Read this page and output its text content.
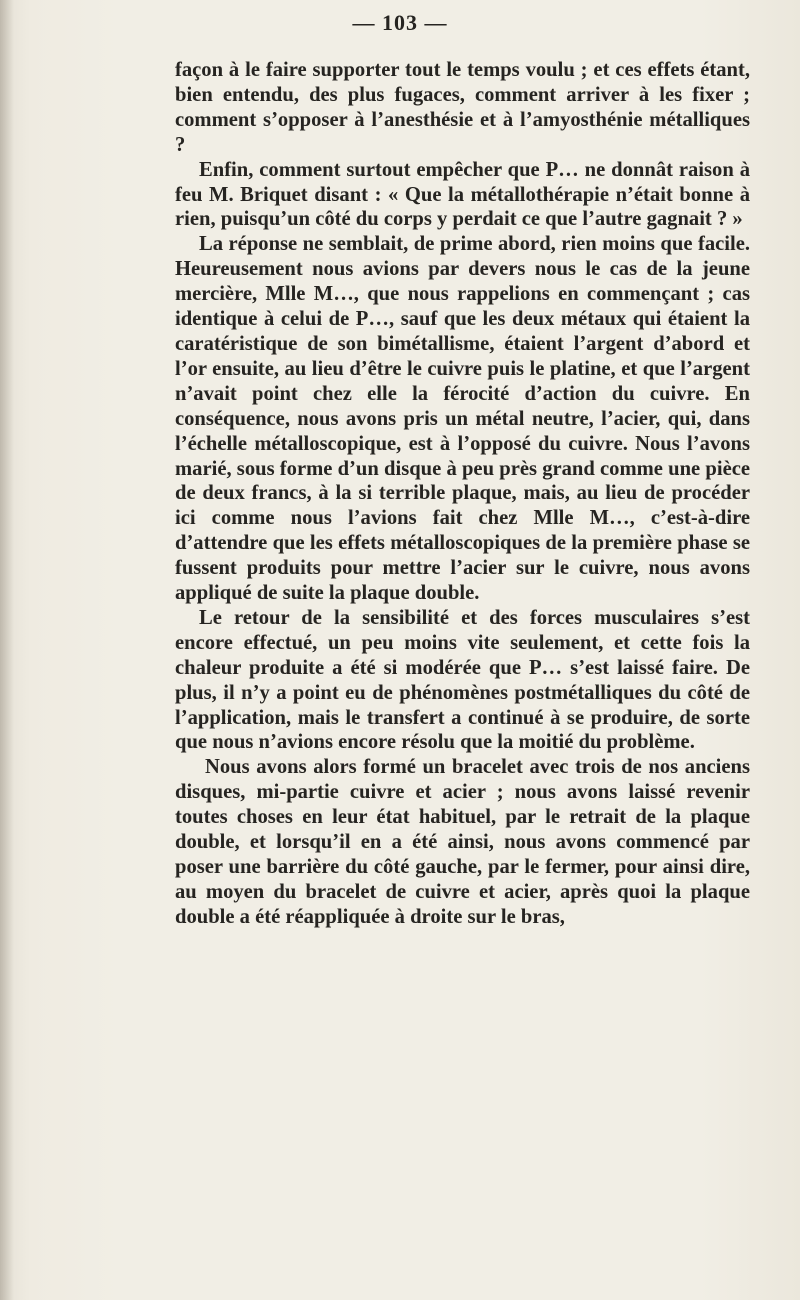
— 103 —

façon à le faire supporter tout le temps voulu ; et ces effets étant, bien entendu, des plus fugaces, comment arriver à les fixer ; comment s’opposer à l’anesthésie et à l’amyosthénie métalliques ?

Enfin, comment surtout empêcher que P… ne donnât raison à feu M. Briquet disant : « Que la métallothérapie n’était bonne à rien, puisqu’un côté du corps y perdait ce que l’autre gagnait ? »

La réponse ne semblait, de prime abord, rien moins que facile. Heureusement nous avions par devers nous le cas de la jeune mercière, Mlle M…, que nous rappelions en commençant ; cas identique à celui de P…, sauf que les deux métaux qui étaient la caratéristique de son bimétallisme, étaient l’argent d’abord et l’or ensuite, au lieu d’être le cuivre puis le platine, et que l’argent n’avait point chez elle la férocité d’action du cuivre. En conséquence, nous avons pris un métal neutre, l’acier, qui, dans l’échelle métalloscopique, est à l’opposé du cuivre. Nous l’avons marié, sous forme d’un disque à peu près grand comme une pièce de deux francs, à la si terrible plaque, mais, au lieu de procéder ici comme nous l’avions fait chez Mlle M…, c’est-à-dire d’attendre que les effets métalloscopiques de la première phase se fussent produits pour mettre l’acier sur le cuivre, nous avons appliqué de suite la plaque double.

Le retour de la sensibilité et des forces musculaires s’est encore effectué, un peu moins vite seulement, et cette fois la chaleur produite a été si modérée que P… s’est laissé faire. De plus, il n’y a point eu de phénomènes postmétalliques du côté de l’application, mais le transfert a continué à se produire, de sorte que nous n’avions encore résolu que la moitié du problème.

Nous avons alors formé un bracelet avec trois de nos anciens disques, mi-partie cuivre et acier ; nous avons laissé revenir toutes choses en leur état habituel, par le retrait de la plaque double, et lorsqu’il en a été ainsi, nous avons commencé par poser une barrière du côté gauche, par le fermer, pour ainsi dire, au moyen du bracelet de cuivre et acier, après quoi la plaque double a été réappliquée à droite sur le bras,
